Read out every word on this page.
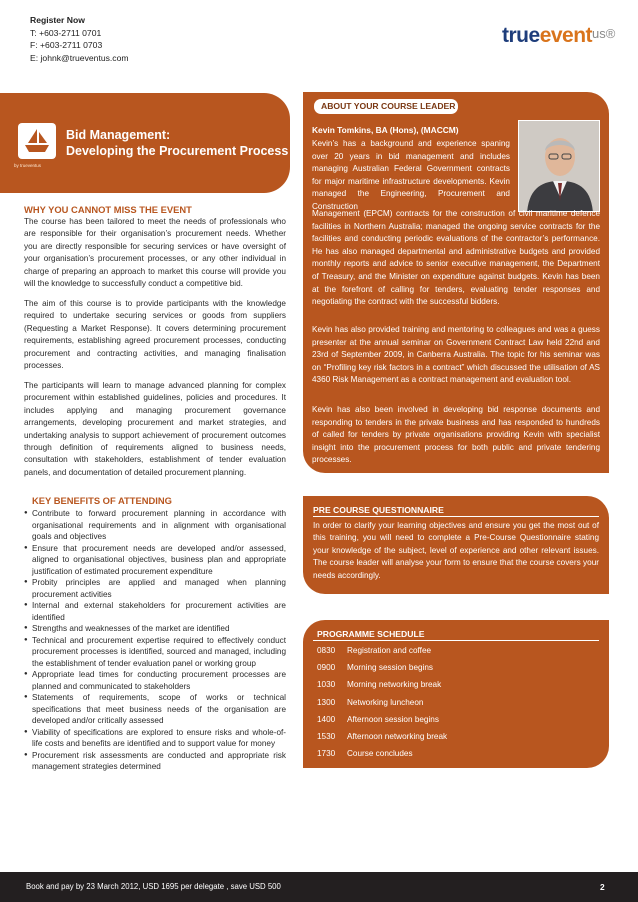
Register Now
T: +603-2711 0701
F: +603-2711 0703
E: johnk@trueventus.com
trueevent$^{us®}$
by trueventus
Bid Management:
Developing the Procurement Process
WHY YOU CANNOT MISS THE EVENT
The course has been tailored to meet the needs of professionals who are responsible for their organisation’s procurement needs. Whether you are directly responsible for securing services or have oversight of your organisation’s procurement processes, or any other individual in charge of preparing an approach to market this course will provide you will the knowledge to successfully conduct a competitive bid.
The aim of this course is to provide participants with the knowledge required to undertake securing services or goods from suppliers (Requesting a Market Response). It covers determining procurement requirements, establishing agreed procurement processes, conducting procurement and contracting activities, and managing finalisation processes.
The participants will learn to manage advanced planning for complex procurement within established guidelines, policies and procedures. It includes applying and managing procurement governance arrangements, developing procurement and market strategies, and undertaking analysis to support achievement of procurement outcomes through definition of requirements aligned to business needs, consultation with stakeholders, establishment of tender evaluation panels, and documentation of detailed procurement planning.
KEY BENEFITS OF ATTENDING
● Contribute to forward procurement planning in accordance with organisational requirements and in alignment with organisational goals and objectives
● Ensure that procurement needs are developed and/or assessed, aligned to organisational objectives, business plan and appropriate justification of estimated procurement expenditure
● Probity principles are applied and managed when planning procurement activities
● Internal and external stakeholders for procurement activities are identified
● Strengths and weaknesses of the market are identified
● Technical and procurement expertise required to effectively conduct procurement processes is identified, sourced and managed, including the establishment of tender evaluation panel or working group
● Appropriate lead times for conducting procurement processes are planned and communicated to stakeholders
● Statements of requirements, scope of works or technical specifications that meet business needs of the organisation are developed and/or critically assessed
● Viability of specifications are explored to ensure risks and whole-of-life costs and benefits are identified and to support value for money
● Procurement risk assessments are conducted and appropriate risk management strategies determined
ABOUT YOUR COURSE LEADER
Kevin Tomkins, BA (Hons), (MACCM)
Kevin’s has a background and experience spaning over 20 years in bid management and includes managing Australian Federal Government contracts for major maritime infrastructure developments. Kevin managed the Engineering, Procurement and Construction
Management (EPCM) contracts for the construction of civil maritime defence facilities in Northern Australia; managed the ongoing service contracts for the facilities and conducting periodic evaluations of the contractor’s performance. He has also managed departmental and administrative budgets and provided monthly reports and advice to senior executive management, the Department of Treasury, and the Minister on expenditure against budgets. Kevin has been at the forefront of calling for tenders, evaluating tender responses and negotiating the contract with the successful bidders.
Kevin has also provided training and mentoring to colleagues and was a guess presenter at the annual seminar on Government Contract Law held 22nd and 23rd of September 2009, in Canberra Australia. The topic for his seminar was on “Profiling key risk factors in a contract” which discussed the utilisation of AS 4360 Risk Management as a contract management and evaluation tool.
Kevin has also been involved in developing bid response documents and responding to tenders in the private business and has responded to hundreds of called for tenders by private organisations providing Kevin with specialist insight into the procurement process for both public and private tendering processes.
PRE COURSE QUESTIONNAIRE
In order to clarify your learning objectives and ensure you get the most out of this training, you will need to complete a Pre-Course Questionnaire stating your knowledge of the subject, level of experience and other relevant issues. The course leader will analyse your form to ensure that the course covers your needs accordingly.
PROGRAMME SCHEDULE
0830	Registration and coffee
0900	Morning session begins
1030	Morning networking break
1300	Networking luncheon
1400	Afternoon session begins
1530	Afternoon networking break
1730	Course concludes
Book and pay by 23 March 2012, USD 1695 per delegate , save USD 500	2
